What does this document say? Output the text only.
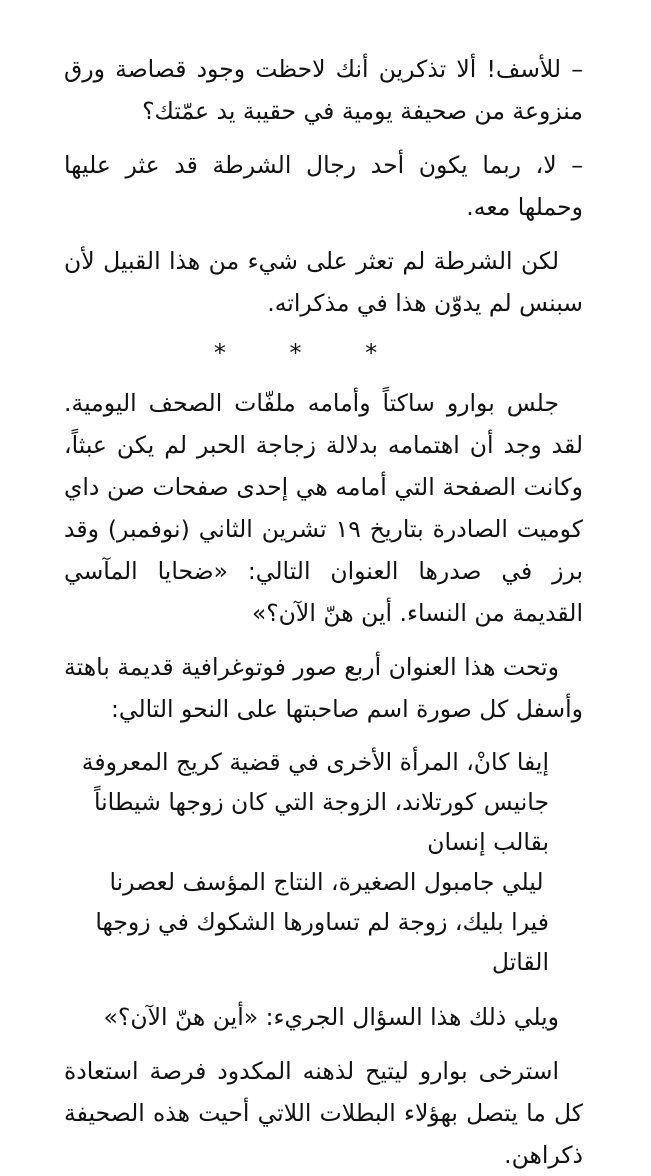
– للأسف! ألا تذكرين أنك لاحظت وجود قصاصة ورق منزوعة من صحيفة يومية في حقيبة يد عمّتك؟

– لا، ربما يكون أحد رجال الشرطة قد عثر عليها وحملها معه.

لكن الشرطة لم تعثر على شيء من هذا القبيل لأن سبنس لم يدوّن هذا في مذكراته.

* * *

جلس بوارو ساكتاً وأمامه ملفّات الصحف اليومية. لقد وجد أن اهتمامه بدلالة زجاجة الحبر لم يكن عبثاً، وكانت الصفحة التي أمامه هي إحدى صفحات صن داي كوميت الصادرة بتاريخ ١٩ تشرين الثاني (نوفمبر) وقد برز في صدرها العنوان التالي: «ضحايا المآسي القديمة من النساء. أين هنّ الآن؟»

وتحت هذا العنوان أربع صور فوتوغرافية قديمة باهتة وأسفل كل صورة اسم صاحبتها على النحو التالي:

إيفا كانْ، المرأة الأخرى في قضية كريج المعروفة
جانيس كورتلاند، الزوجة التي كان زوجها شيطاناً بقالب إنسان
ليلي جامبول الصغيرة، النتاج المؤسف لعصرنا
فيرا بليك، زوجة لم تساورها الشكوك في زوجها القاتل

ويلي ذلك هذا السؤال الجريء: «أين هنّ الآن؟»

استرخى بوارو ليتيح لذهنه المكدود فرصة استعادة كل ما يتصل بهؤلاء البطلات اللاتي أحيت هذه الصحيفة ذكراهن.
